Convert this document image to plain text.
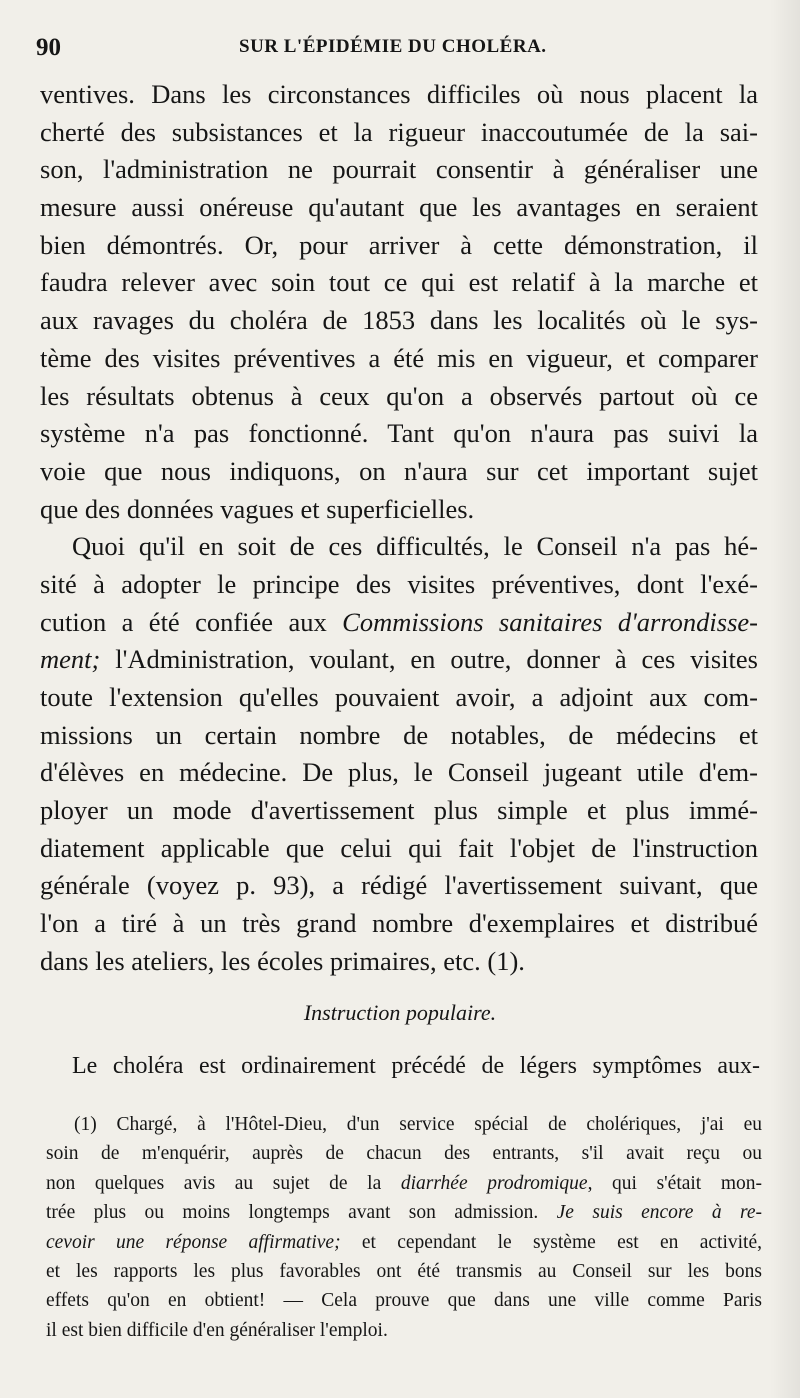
90	SUR L'ÉPIDÉMIE DU CHOLÉRA.
ventives. Dans les circonstances difficiles où nous placent la
cherté des subsistances et la rigueur inaccoutumée de la sai-
son, l'administration ne pourrait consentir à généraliser une
mesure aussi onéreuse qu'autant que les avantages en seraient
bien démontrés. Or, pour arriver à cette démonstration, il
faudra relever avec soin tout ce qui est relatif à la marche et
aux ravages du choléra de 1853 dans les localités où le sys-
tème des visites préventives a été mis en vigueur, et comparer
les résultats obtenus à ceux qu'on a observés partout où ce
système n'a pas fonctionné. Tant qu'on n'aura pas suivi la
voie que nous indiquons, on n'aura sur cet important sujet
que des données vagues et superficielles.
Quoi qu'il en soit de ces difficultés, le Conseil n'a pas hé-
sité à adopter le principe des visites préventives, dont l'exé-
cution a été confiée aux Commissions sanitaires d'arrondisse-
ment; l'Administration, voulant, en outre, donner à ces visites
toute l'extension qu'elles pouvaient avoir, a adjoint aux com-
missions un certain nombre de notables, de médecins et
d'élèves en médecine. De plus, le Conseil jugeant utile d'em-
ployer un mode d'avertissement plus simple et plus immé-
diatement applicable que celui qui fait l'objet de l'instruction
générale (voyez p. 93), a rédigé l'avertissement suivant, que
l'on a tiré à un très grand nombre d'exemplaires et distribué
dans les ateliers, les écoles primaires, etc. (1).
Instruction populaire.
Le choléra est ordinairement précédé de légers symptômes aux-
(1) Chargé, à l'Hôtel-Dieu, d'un service spécial de cholériques, j'ai eu
soin de m'enquérir, auprès de chacun des entrants, s'il avait reçu ou
non quelques avis au sujet de la diarrhée prodromique, qui s'était mon-
trée plus ou moins longtemps avant son admission. Je suis encore à re-
cevoir une réponse affirmative; et cependant le système est en activité,
et les rapports les plus favorables ont été transmis au Conseil sur les bons
effets qu'on en obtient! — Cela prouve que dans une ville comme Paris
il est bien difficile d'en généraliser l'emploi.
